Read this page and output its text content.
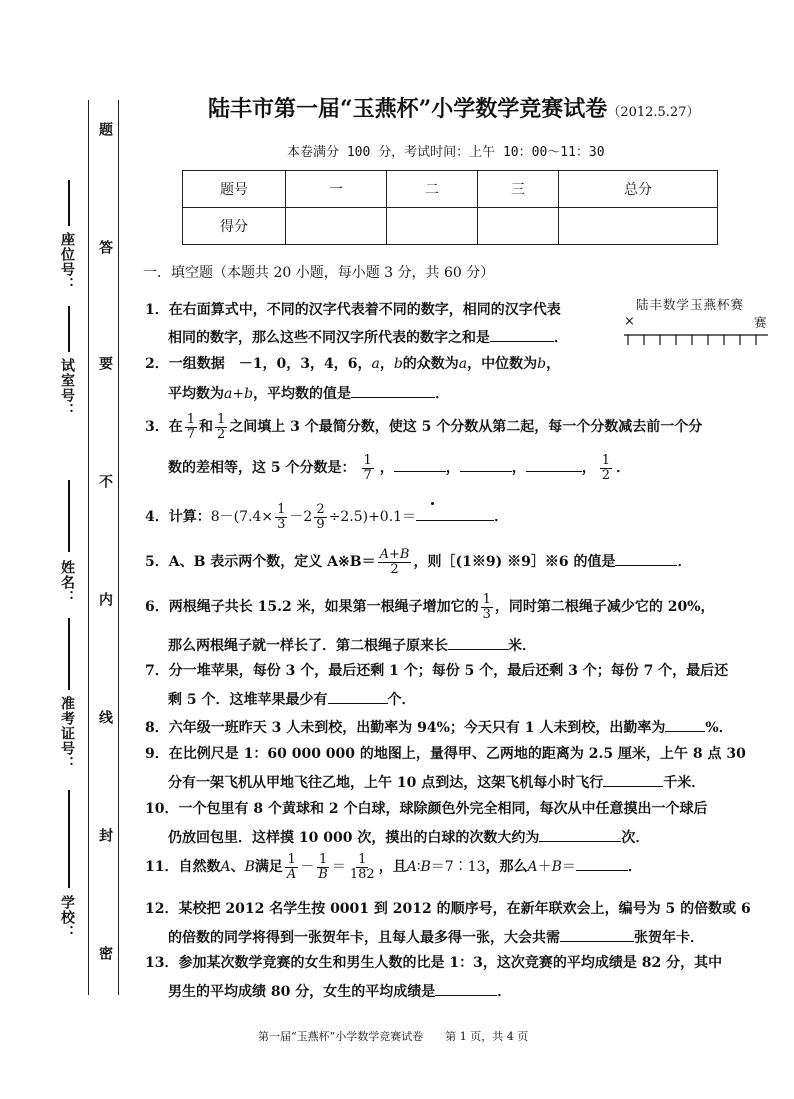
座位号：
试室号：
姓名：
准考证号：
学校：
题
答
要
不
内
线
封
密
陆丰市第一届“玉燕杯”小学数学竞赛试卷（2012.5.27）
本卷满分 100 分，考试时间：上午 10：00～11：30
题号	一	二	三	总分
得分				
一．填空题（本题共 20 小题，每小题 3 分，共 60 分）
陆丰数学玉燕杯赛
×	赛
1．在右面算式中，不同的汉字代表着不同的数字，相同的汉字代表
相同的数字，那么这些不同汉字所代表的数字之和是	．
2．一组数据　－1，0，3，4，6，a，b的众数为a，中位数为b，
平均数为a+b，平均数的值是	．
3．在 $\frac{1}{7}$ 和 $\frac{1}{2}$ 之间填上 3 个最简分数，使这 5 个分数从第二起，每一个分数减去前一个分
数的差相等，这 5 个分数是： $\frac{1}{7}$ ，	，	，	， $\frac{1}{2}$ ．
4．计算：$8-(7.4\times \frac{1}{3} -2 \frac{2}{9} \div 2.5)+0.1=$	．
5．A、B 表示两个数，定义 A※B＝ $\frac{A+B}{2}$ ，则［(1※9) ※9］※6 的值是	．
6．两根绳子共长 15.2 米，如果第一根绳子增加它的 $\frac{1}{3}$ ，同时第二根绳子减少它的 20%，
那么两根绳子就一样长了．第二根绳子原来长	米．
7．分一堆苹果，每份 3 个，最后还剩 1 个；每份 5 个，最后还剩 3 个；每份 7 个，最后还
剩 5 个．这堆苹果最少有	个．
8．六年级一班昨天 3 人未到校，出勤率为 94%；今天只有 1 人未到校，出勤率为	%．
9．在比例尺是 1：60 000 000 的地图上，量得甲、乙两地的距离为 2.5 厘米，上午 8 点 30
分有一架飞机从甲地飞往乙地，上午 10 点到达，这架飞机每小时飞行	千米．
10．一个包里有 8 个黄球和 2 个白球，球除颜色外完全相同，每次从中任意摸出一个球后
仍放回包里．这样摸 10 000 次，摸出的白球的次数大约为	次．
11．自然数A、B满足 $\frac{1}{A} - \frac{1}{B} = \frac{1}{182}$ ，且A∶B＝7∶13，那么A＋B＝	．
12．某校把 2012 名学生按 0001 到 2012 的顺序号，在新年联欢会上，编号为 5 的倍数或 6
的倍数的同学将得到一张贺年卡，且每人最多得一张，大会共需	张贺年卡．
13．参加某次数学竞赛的女生和男生人数的比是 1：3，这次竞赛的平均成绩是 82 分，其中
男生的平均成绩 80 分，女生的平均成绩是	．
第一届“玉燕杯”小学数学竞赛试卷 第 1 页，共 4 页
